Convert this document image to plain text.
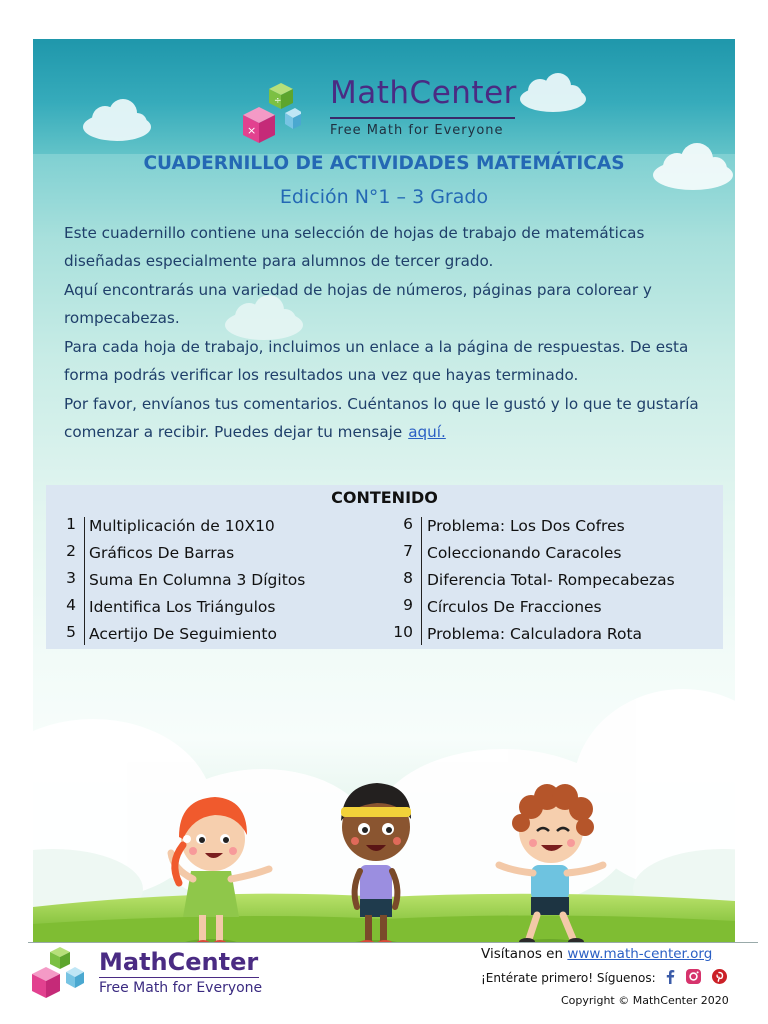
÷
×
MathCenter
Free Math for Everyone
CUADERNILLO DE ACTIVIDADES MATEMÁTICAS
Edición N°1 – 3 Grado

Este cuadernillo contiene una selección de hojas de trabajo de matemáticas diseñadas especialmente para alumnos de tercer grado.

Aquí encontrarás una variedad de hojas de números, páginas para colorear y rompecabezas.

Para cada hoja de trabajo, incluimos un enlace a la página de respuestas. De esta forma podrás verificar los resultados una vez que hayas terminado.

Por favor, envíanos tus comentarios. Cuéntanos lo que le gustó y lo que te gustaría comenzar a recibir. Puedes dejar tu mensaje aquí.

CONTENIDO
1 Multiplicación de 10X10
2 Gráficos De Barras
3 Suma En Columna 3 Dígitos
4 Identifica Los Triángulos
5 Acertijo De Seguimiento
6 Problema: Los Dos Cofres
7 Coleccionando Caracoles
8 Diferencia Total- Rompecabezas
9 Círculos De Fracciones
10 Problema: Calculadora Rota
MathCenter
Free Math for Everyone
Visítanos en www.math-center.org
¡Entérate primero! Síguenos:
Copyright © MathCenter 2020
